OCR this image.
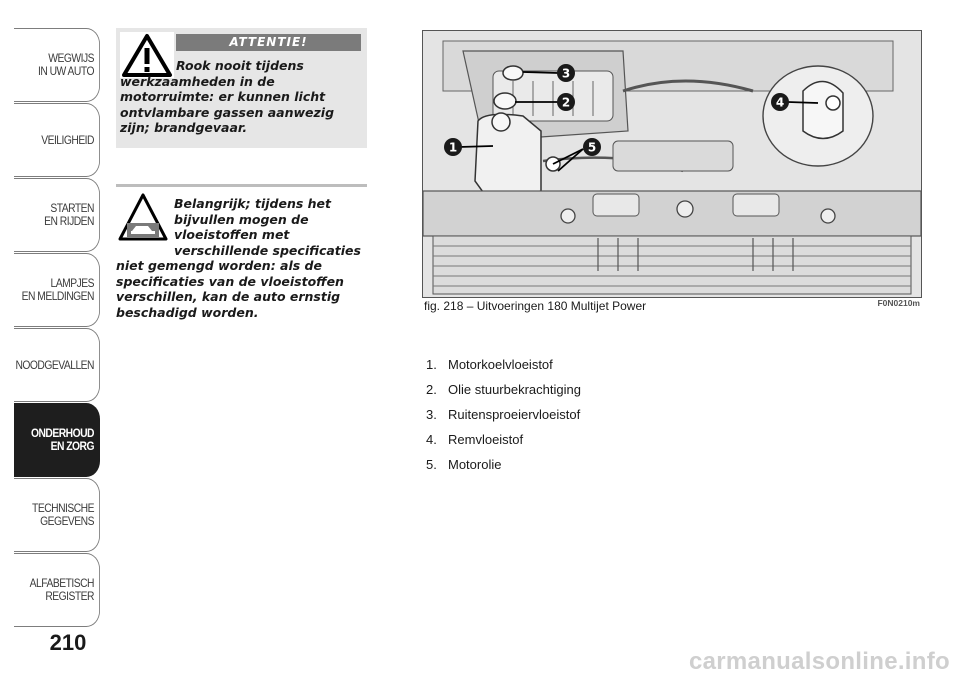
WEGWIJS
IN UW AUTO
VEILIGHEID
STARTEN
EN RIJDEN
LAMPJES
EN MELDINGEN
NOODGEVALLEN
ONDERHOUD
EN ZORG
TECHNISCHE
GEGEVENS
ALFABETISCH
REGISTER
210
ATTENTIE!
Rook nooit tijdens werkzaamheden in de motorruimte: er kunnen licht ontvlambare gassen aanwezig zijn; brandgevaar.
Belangrijk; tijdens het bijvullen mogen de vloeistoffen met verschillende specificaties niet gemengd worden: als de specificaties van de vloeistoffen verschillen, kan de auto ernstig beschadigd worden.
1
2
3
4
5
F0N0210m
fig. 218 – Uitvoeringen 180 Multijet Power
1. Motorkoelvloeistof
2. Olie stuurbekrachtiging
3. Ruitensproeiervloeistof
4. Remvloeistof
5. Motorolie
carmanualsonline.info
